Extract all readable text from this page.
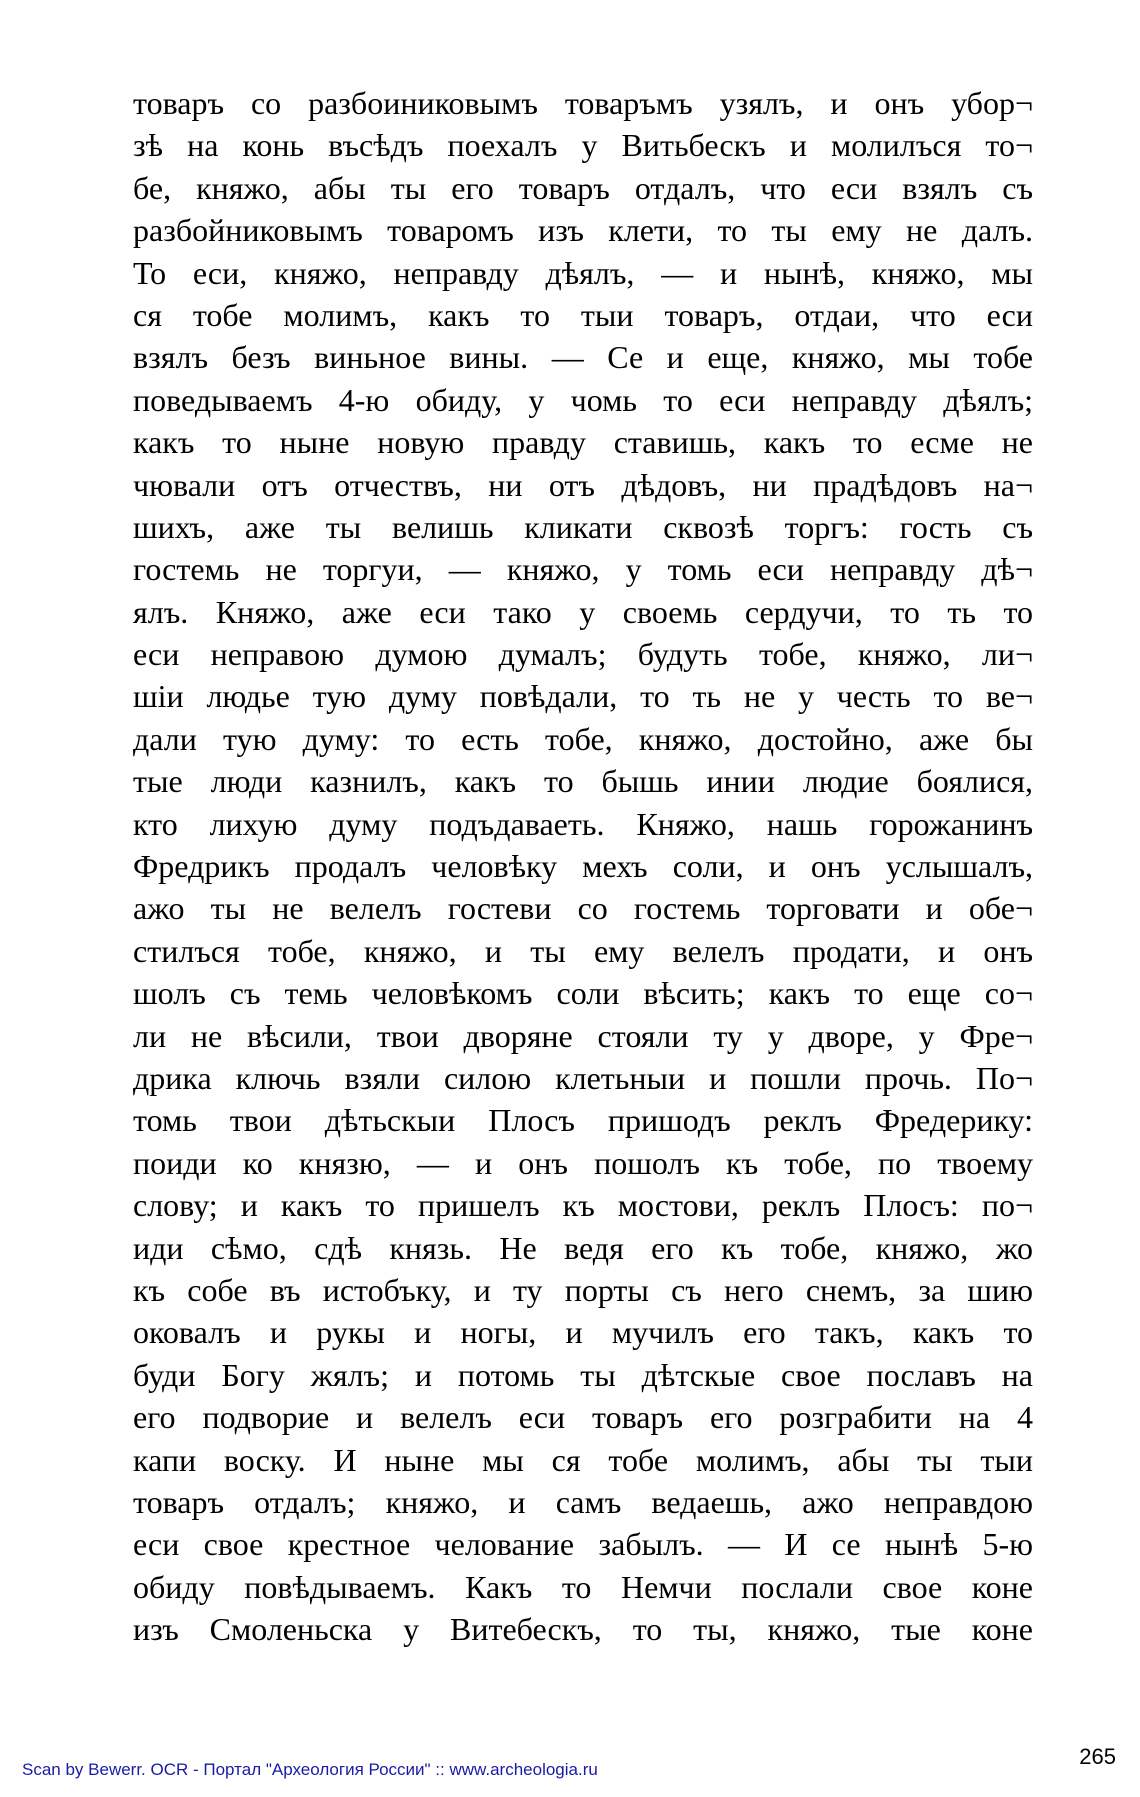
товаръ со разбоиниковымъ товаръмъ узялъ, и онъ убор¬
зѣ на конь въсѣдъ поехалъ у Витьбескъ и молилъся то¬
бе, княжо, абы ты его товаръ отдалъ, что еси взялъ съ
разбойниковымъ товаромъ изъ клети, то ты ему не далъ.
То еси, княжо, неправду дѣялъ, — и нынѣ, княжо, мы
ся тобе молимъ, какъ то тыи товаръ, отдаи, что еси
взялъ безъ виньное вины. — Се и еще, княжо, мы тобе
поведываемъ 4-ю обиду, у чомь то еси неправду дѣялъ;
какъ то ныне новую правду ставишь, какъ то есме не
чювали отъ отчествъ, ни отъ дѣдовъ, ни прадѣдовъ на¬
шихъ, аже ты велишь кликати сквозѣ торгъ: гость съ
гостемь не торгуи, — княжо, у томь еси неправду дѣ¬
ялъ. Княжо, аже еси тако у своемь сердучи, то ть то
еси неправою думою думалъ; будуть тобе, княжо, ли¬
шiи людье тую думу повѣдали, то ть не у честь то ве¬
дали тую думу: то есть тобе, княжо, достойно, аже бы
тые люди казнилъ, какъ то бышь инии людие боялися,
кто лихую думу подъдаваеть. Княжо, нашь горожанинъ
Фредрикъ продалъ человѣку мехъ соли, и онъ услышалъ,
ажо ты не велелъ гостеви со гостемь торговати и обе¬
стилъся тобе, княжо, и ты ему велелъ продати, и онъ
шолъ съ темь человѣкомъ соли вѣсить; какъ то еще со¬
ли не вѣсили, твои дворяне стояли ту у дворе, у Фре¬
дрика ключь взяли силою клетьныи и пошли прочь. По¬
томь твои дѣтьскыи Плосъ пришодъ реклъ Фредерику:
поиди ко князю, — и онъ пошолъ къ тобе, по твоему
слову; и какъ то пришелъ къ мостови, реклъ Плосъ: по¬
иди сѣмо, сдѣ князь. Не ведя его къ тобе, княжо, жо
къ собе въ истобъку, и ту порты съ него снемъ, за шию
оковалъ и рукы и ногы, и мучилъ его такъ, какъ то
буди Богу жялъ; и потомь ты дѣтскые свое пославъ на
его подворие и велелъ еси товаръ его розграбити на 4
капи воску. И ныне мы ся тобе молимъ, абы ты тыи
товаръ отдалъ; княжо, и самъ ведаешь, ажо неправдою
еси свое крестное челование забылъ. — И се нынѣ 5-ю
обиду повѣдываемъ. Какъ то Немчи послали свое коне
изъ Смоленьска у Витебескъ, то ты, княжо, тые коне
Scan by Bewerr. OCR - Портал "Археология России" :: www.archeologia.ru
265
